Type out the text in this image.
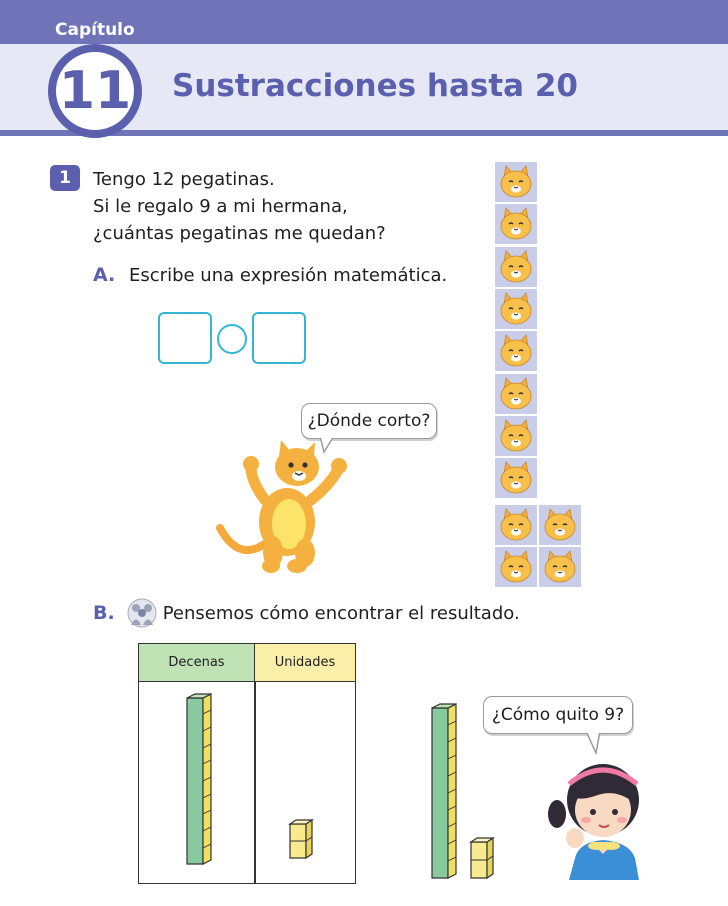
Capítulo
11 Sustracciones hasta 20
1	Tengo 12 pegatinas.
Si le regalo 9 a mi hermana,
¿cuántas pegatinas me quedan?
A. Escribe una expresión matemática.
¿Dónde corto?
B.	Pensemos cómo encontrar el resultado.
Decenas	Unidades
¿Cómo quito 9?
